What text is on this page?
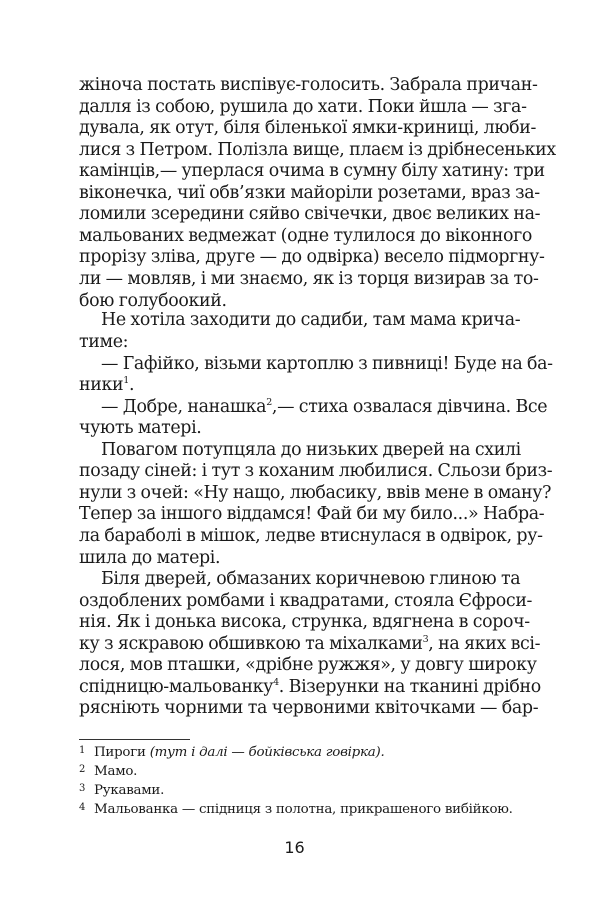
жіноча постать виспівує-голосить. Забрала причан-
далля із собою, рушила до хати. Поки йшла — зга-
дувала, як отут, біля біленької ямки-криниці, люби-
лися з Петром. Полізла вище, плаєм із дрібнесеньких
камінців,— уперлася очима в сумну білу хатину: три
віконечка, чиї обв’язки майоріли розетами, враз за-
ломили зсередини сяйво свічечки, двоє великих на-
мальованих ведмежат (одне тулилося до віконного
прорізу зліва, друге — до одвірка) весело підморгну-
ли — мовляв, і ми знаємо, як із торця визирав за то-
бою голубоокий.
Не хотіла заходити до садиби, там мама крича-
тиме:
— Гафійко, візьми картоплю з пивниці! Буде на ба-
ники$^1$.
— Добре, нанашка$^2$,— стиха озвалася дівчина. Все
чують матері.
Повагом потупцяла до низьких дверей на схилі
позаду сіней: і тут з коханим любилися. Сльози бриз-
нули з очей: «Ну нащо, любасику, ввів мене в оману?
Тепер за іншого віддамся! Фай би му било...» Набра-
ла бараболі в мішок, ледве втиснулася в одвірок, ру-
шила до матері.
Біля дверей, обмазаних коричневою глиною та
оздоблених ромбами і квадратами, стояла Єфроси-
нія. Як і донька висока, струнка, вдягнена в сороч-
ку з яскравою обшивкою та міхалками$^3$, на яких всі-
лося, мов пташки, «дрібне ружжя», у довгу широку
спідницю-мальованку$^4$. Візерунки на тканині дрібно
рясніють чорними та червоними квіточками — бар-
1 Пироги (тут і далі — бойківська говірка).
2 Мамо.
3 Рукавами.
4 Мальованка — спідниця з полотна, прикрашеного вибійкою.
16
